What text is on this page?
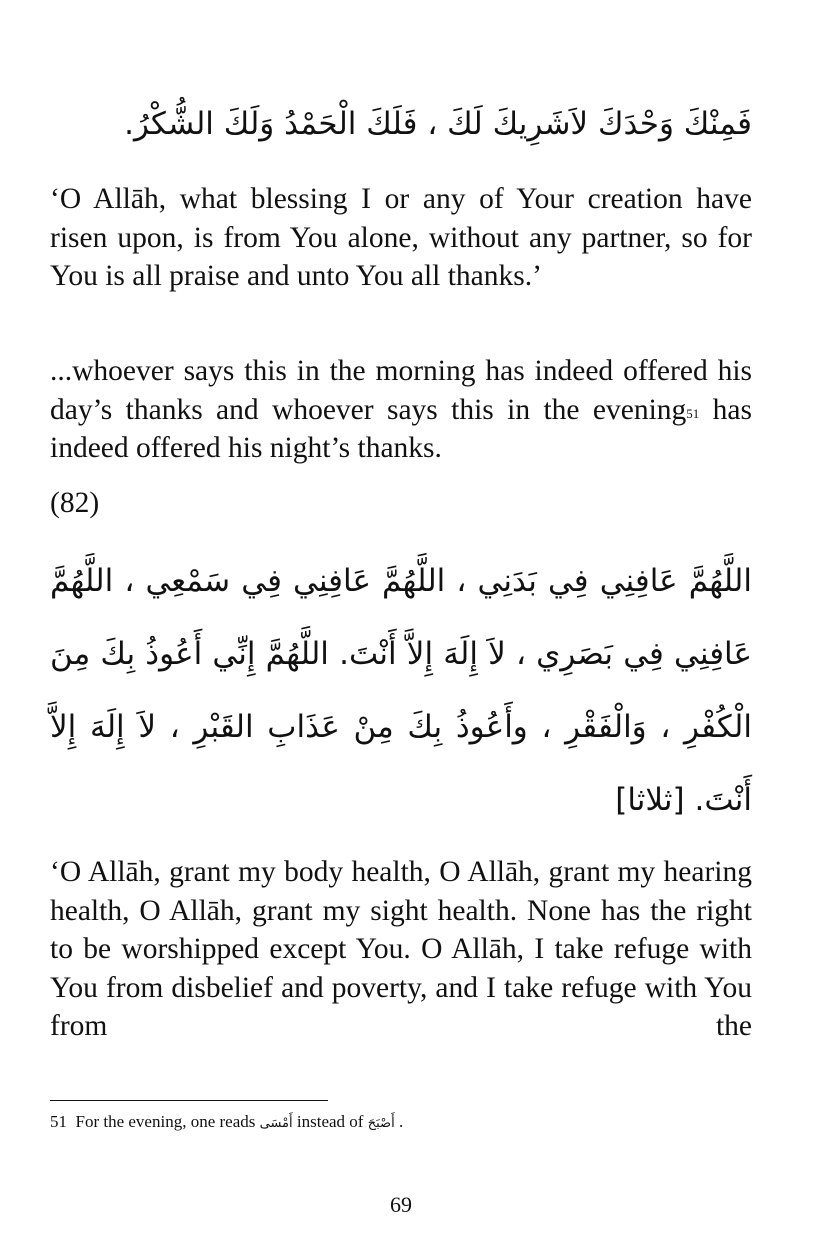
فَمِنْكَ وَحْدَكَ لاَشَرِيكَ لَكَ ، فَلَكَ الْحَمْدُ وَلَكَ الشُّكْرُ.

‘O Allāh, what blessing I or any of Your creation have risen upon, is from You alone, without any partner, so for You is all praise and unto You all thanks.’

...whoever says this in the morning has indeed offered his day’s thanks and whoever says this in the evening$^{51}$ has indeed offered his night’s thanks.

(82)

اللَّهُمَّ عَافِنِي فِي بَدَنِي ، اللَّهُمَّ عَافِنِي فِي سَمْعِي ، اللَّهُمَّ عَافِنِي فِي بَصَرِي ، لاَ إِلَهَ إِلاَّ أَنْتَ. اللَّهُمَّ إِنِّي أَعُوذُ بِكَ مِنَ الْكُفْرِ ، وَالْفَقْرِ ، وأَعُوذُ بِكَ مِنْ عَذَابِ القَبْرِ ، لاَ إِلَهَ إِلاَّ أَنْتَ. [ثلاثا]

‘O Allāh, grant my body health, O Allāh, grant my hearing health, O Allāh, grant my sight health. None has the right to be worshipped except You. O Allāh, I take refuge with You from disbelief and poverty, and I take refuge with You from the

51 For the evening, one reads أَمْسَى instead of أَصْبَحَ .

69
